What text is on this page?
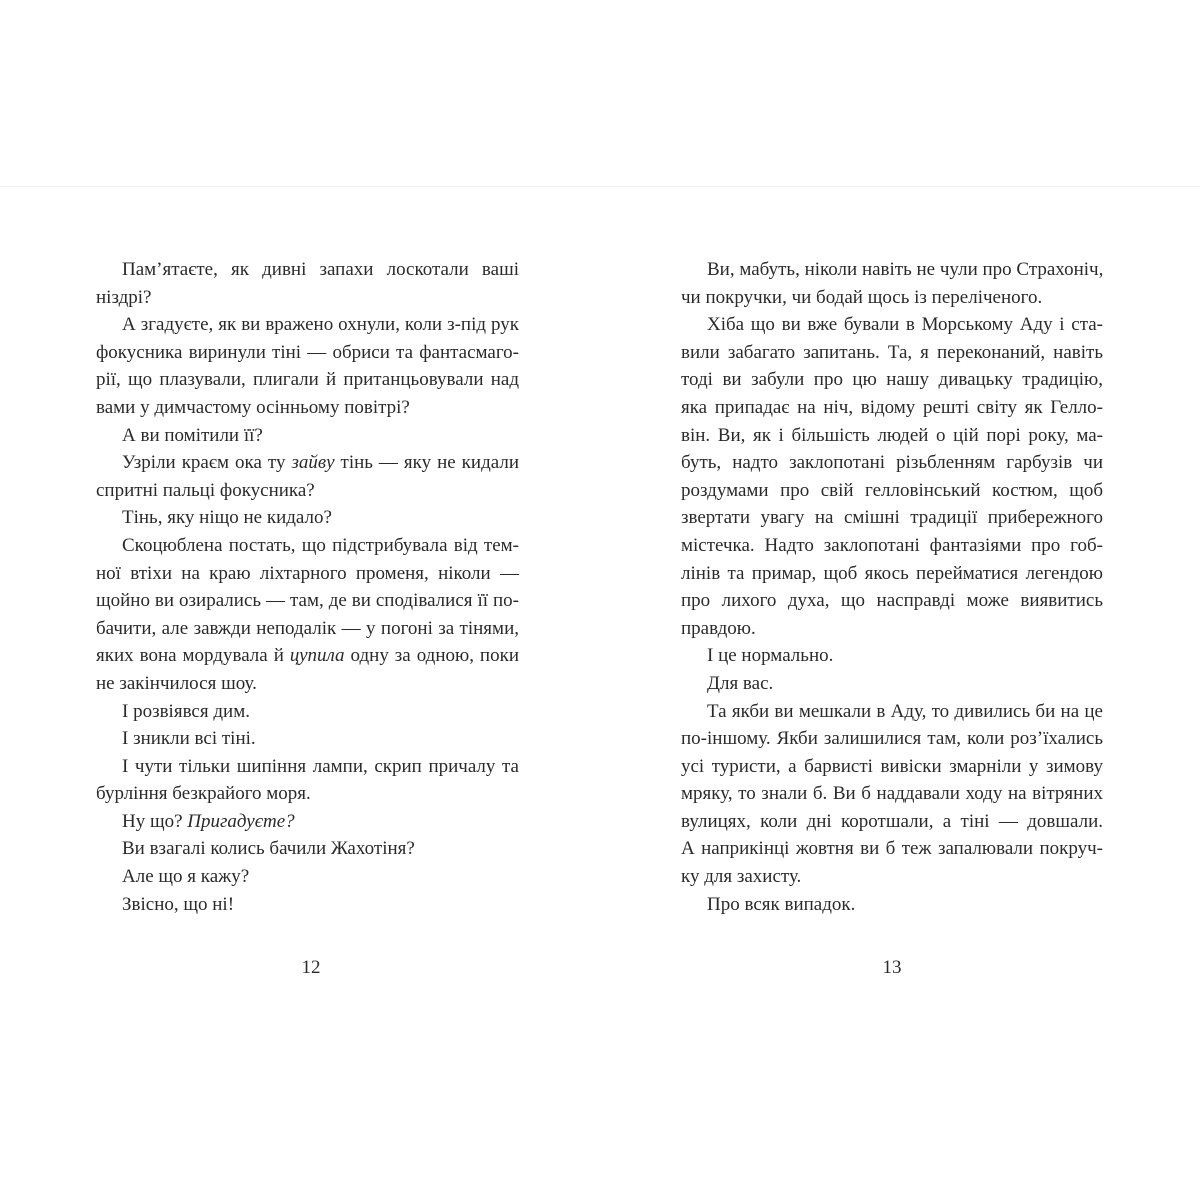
Пам’ятаєте, як дивні запахи лоскотали ваші
ніздрі?
А згадуєте, як ви вражено охнули, коли з-під рук
фокусника виринули тіні — обриси та фантасмаго-
рії, що плазували, плигали й пританцьовували над
вами у димчастому осінньому повітрі?
А ви помітили її?
Узріли краєм ока ту зайву тінь — яку не кидали
спритні пальці фокусника?
Тінь, яку ніщо не кидало?
Скоцюблена постать, що підстрибувала від тем-
ної втіхи на краю ліхтарного променя, ніколи —
щойно ви озирались — там, де ви сподівалися її по-
бачити, але завжди неподалік — у погоні за тінями,
яких вона мордувала й цупила одну за одною, поки
не закінчилося шоу.
І розвіявся дим.
І зникли всі тіні.
І чути тільки шипіння лампи, скрип причалу та
бурління безкрайого моря.
Ну що? Пригадуєте?
Ви взагалі колись бачили Жахотіня?
Але що я кажу?
Звісно, що ні!
Ви, мабуть, ніколи навіть не чули про Страхоніч,
чи покручки, чи бодай щось із переліченого.
Хіба що ви вже бували в Морському Аду і ста-
вили забагато запитань. Та, я переконаний, навіть
тоді ви забули про цю нашу дивацьку традицію,
яка припадає на ніч, відому решті світу як Гелло-
він. Ви, як і більшість людей о цій порі року, ма-
буть, надто заклопотані різьбленням гарбузів чи
роздумами про свій гелловінський костюм, щоб
звертати увагу на смішні традиції прибережного
містечка. Надто заклопотані фантазіями про гоб-
лінів та примар, щоб якось перейматися легендою
про лихого духа, що насправді може виявитись
правдою.
І це нормально.
Для вас.
Та якби ви мешкали в Аду, то дивились би на це
по-іншому. Якби залишилися там, коли роз’їхались
усі туристи, а барвисті вивіски змарніли у зимову
мряку, то знали б. Ви б наддавали ходу на вітряних
вулицях, коли дні коротшали, а тіні — довшали.
А наприкінці жовтня ви б теж запалювали покруч-
ку для захисту.
Про всяк випадок.
12	13
